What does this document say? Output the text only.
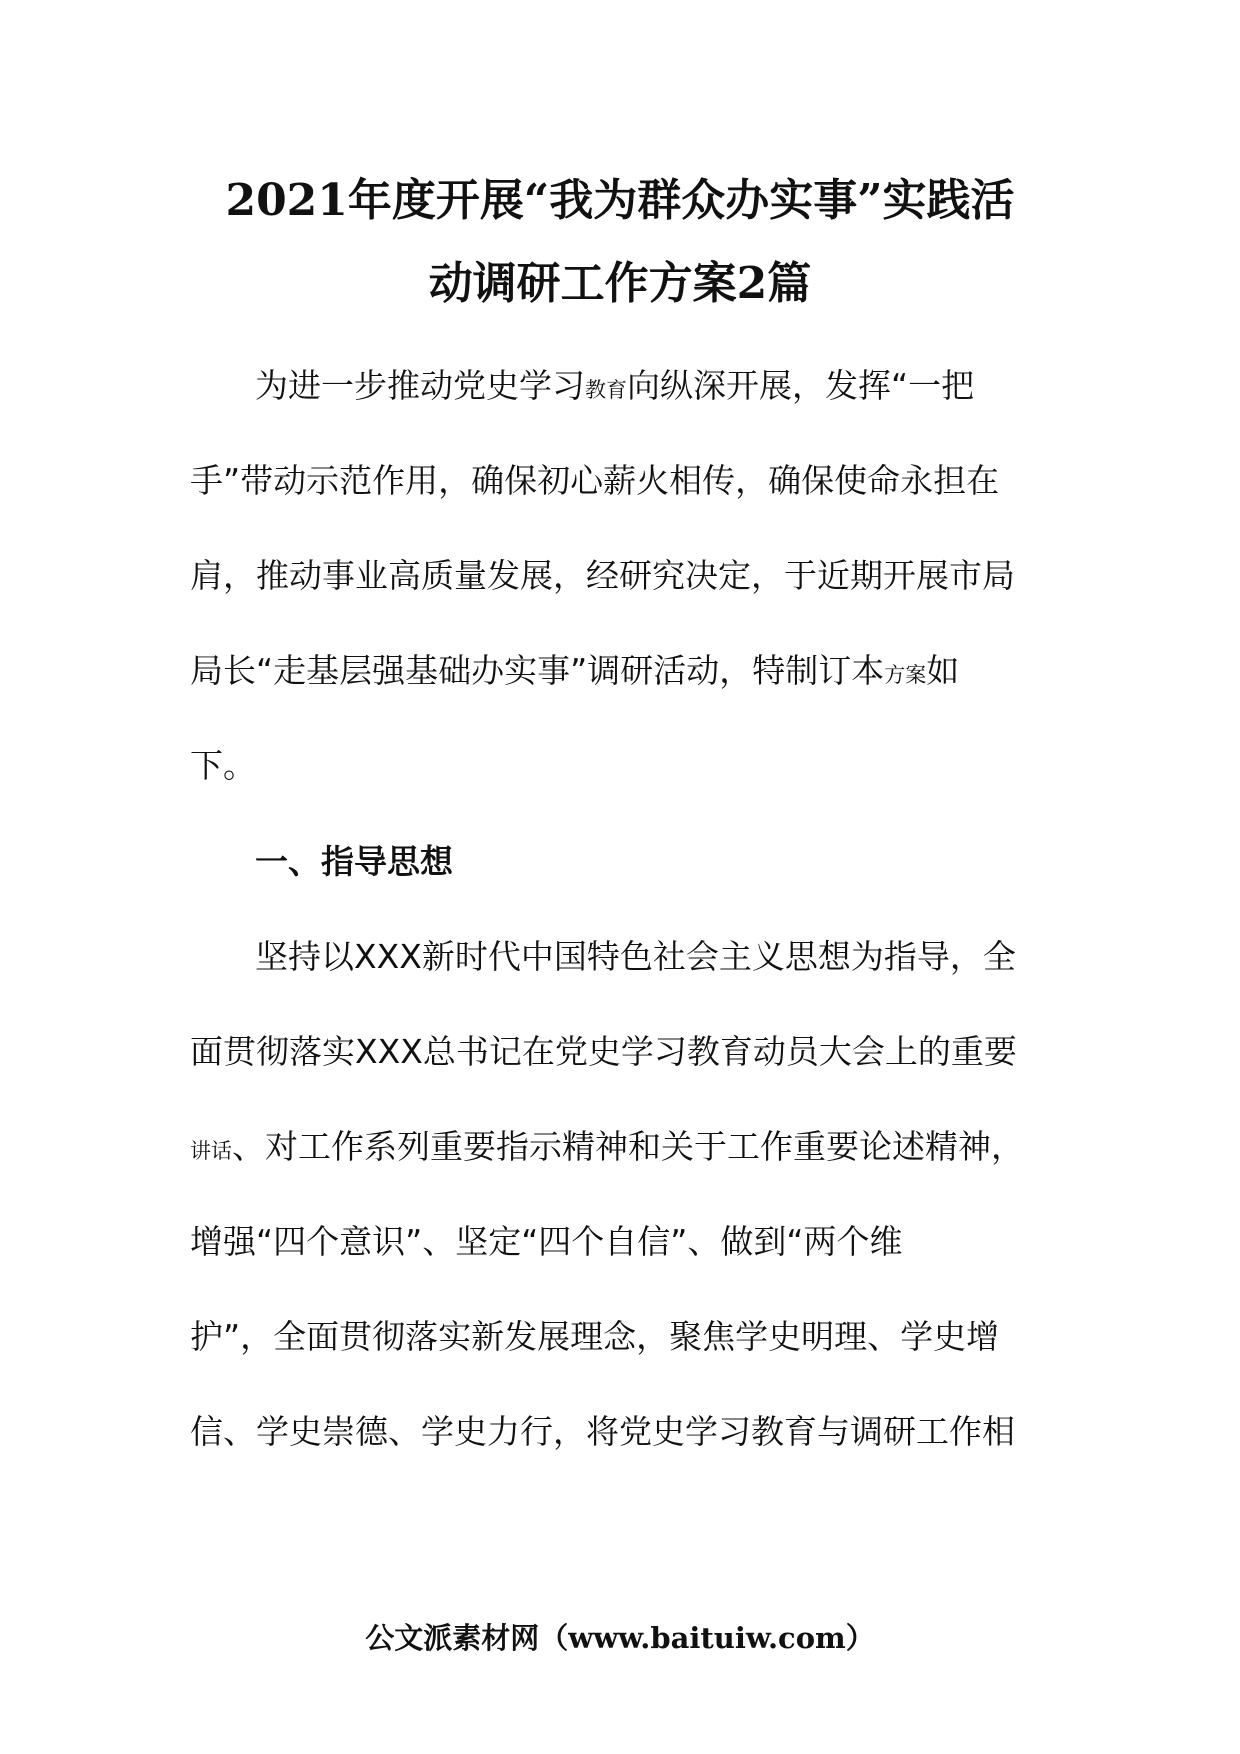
2021年度开展“我为群众办实事”实践活
动调研工作方案2篇
为进一步推动党史学习教育向纵深开展，发挥“一把
手”带动示范作用，确保初心薪火相传，确保使命永担在
肩，推动事业高质量发展，经研究决定，于近期开展市局
局长“走基层强基础办实事”调研活动，特制订本方案如
下。
一、指导思想
坚持以XXX新时代中国特色社会主义思想为指导，全
面贯彻落实XXX总书记在党史学习教育动员大会上的重要
讲话、对工作系列重要指示精神和关于工作重要论述精神，
增强“四个意识”、坚定“四个自信”、做到“两个维
护”，全面贯彻落实新发展理念，聚焦学史明理、学史增
信、学史崇德、学史力行，将党史学习教育与调研工作相
公文派素材网（www.baituiw.com）
